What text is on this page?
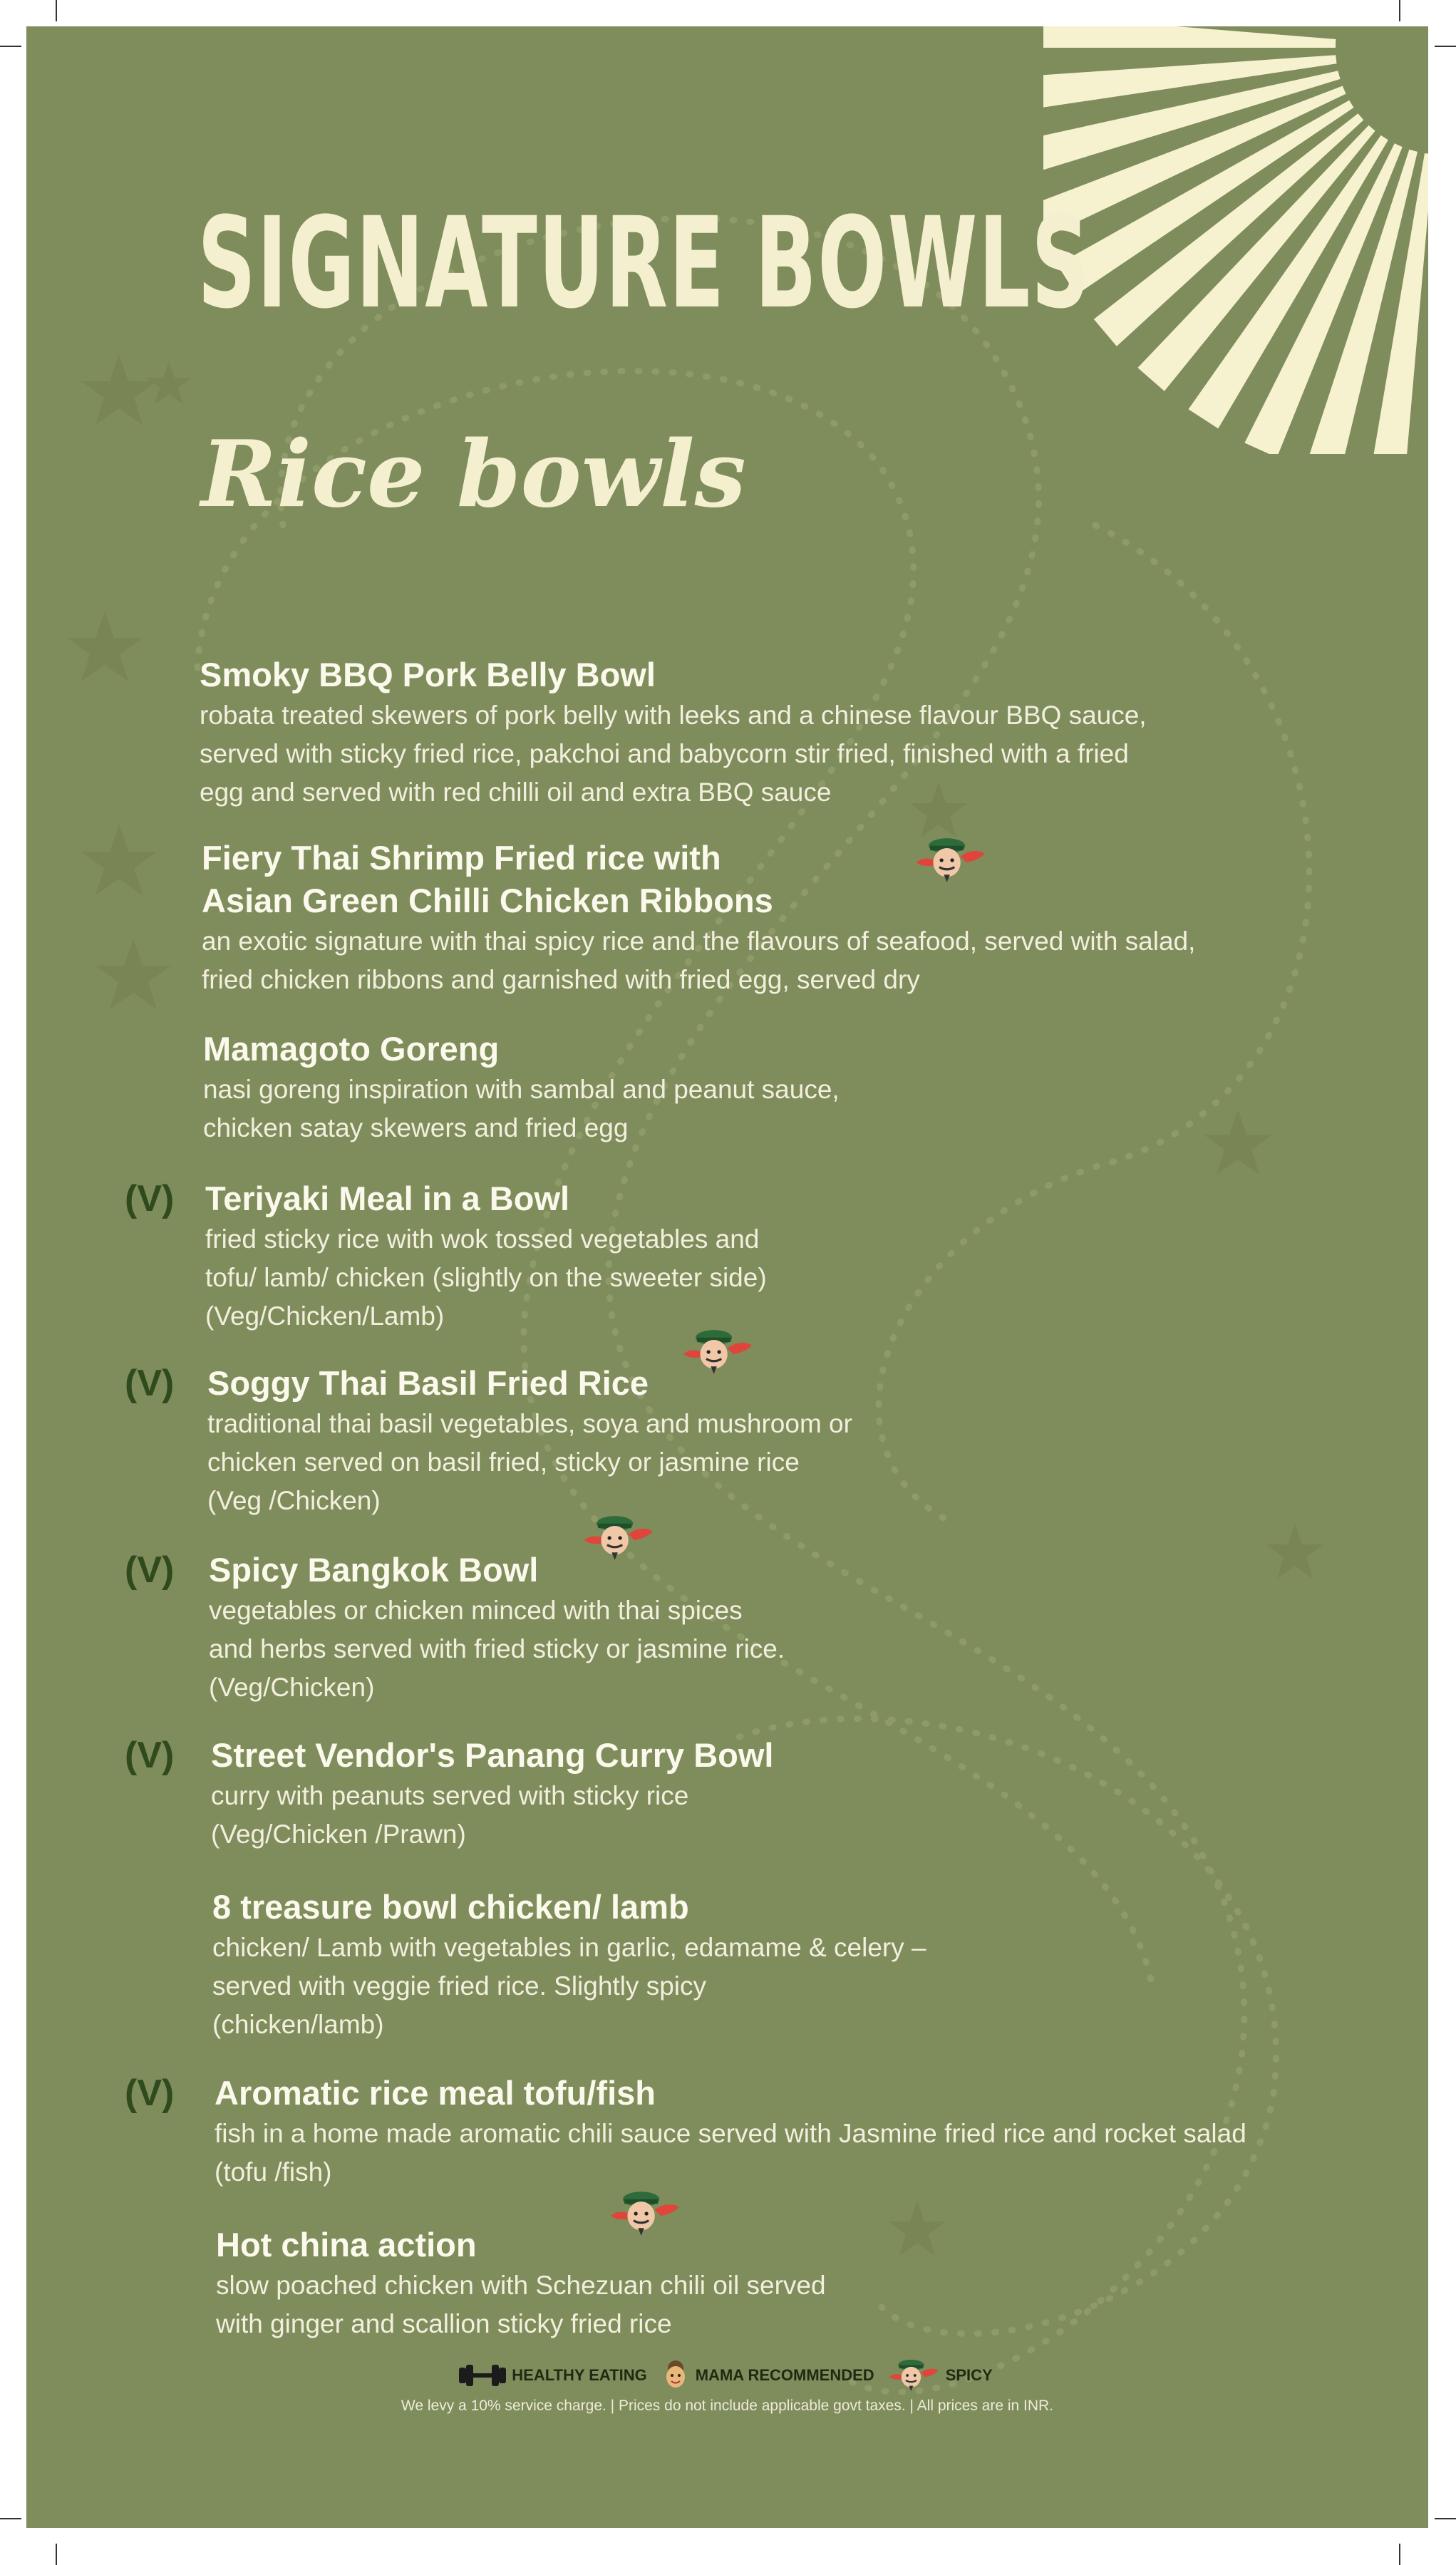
SIGNATURE BOWLS
Rice bowls

Smoky BBQ Pork Belly Bowl

robata treated skewers of pork belly with leeks and a chinese flavour BBQ sauce,
served with sticky fried rice, pakchoi and babycorn stir fried, finished with a fried
egg and served with red chilli oil and extra BBQ sauce

Fiery Thai Shrimp Fried rice with
Asian Green Chilli Chicken Ribbons

an exotic signature with thai spicy rice and the flavours of seafood, served with salad,
fried chicken ribbons and garnished with fried egg, served dry

Mamagoto Goreng

nasi goreng inspiration with sambal and peanut sauce,
chicken satay skewers and fried egg

(V) Teriyaki Meal in a Bowl

fried sticky rice with wok tossed vegetables and
tofu/ lamb/ chicken (slightly on the sweeter side)
(Veg/Chicken/Lamb)

(V) Soggy Thai Basil Fried Rice

traditional thai basil vegetables, soya and mushroom or
chicken served on basil fried, sticky or jasmine rice
(Veg /Chicken)

(V) Spicy Bangkok Bowl

vegetables or chicken minced with thai spices
and herbs served with fried sticky or jasmine rice.
(Veg/Chicken)

(V) Street Vendor's Panang Curry Bowl

curry with peanuts served with sticky rice
(Veg/Chicken /Prawn)

8 treasure bowl chicken/ lamb

chicken/ Lamb with vegetables in garlic, edamame & celery –
served with veggie fried rice. Slightly spicy
(chicken/lamb)

(V) Aromatic rice meal tofu/fish

fish in a home made aromatic chili sauce served with Jasmine fried rice and rocket salad
(tofu /fish)

Hot china action

slow poached chicken with Schezuan chili oil served
with ginger and scallion sticky fried rice

HEALTHY EATING	MAMA RECOMMENDED	SPICY
We levy a 10% service charge. | Prices do not include applicable govt taxes. | All prices are in INR.
